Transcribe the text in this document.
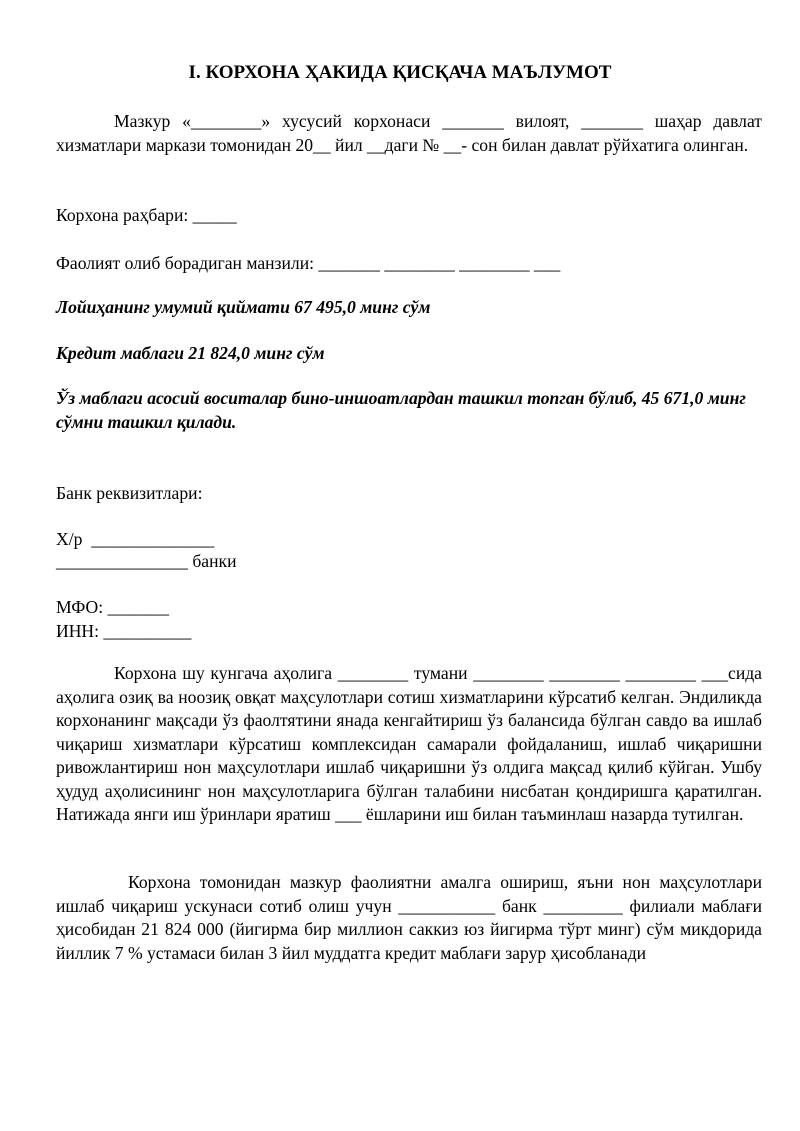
I. КОРХОНА ҲАКИДА ҚИСҚАЧА МАЪЛУМОТ

Мазкур «________» хусусий корхонаси _______ вилоят, _______ шаҳар давлат хизматлари маркази томонидан 20__ йил __даги № __- сон билан давлат рўйхатига олинган.

Корхона раҳбари: _____

Фаолият олиб борадиган манзили: _______ ________ ________ ___

Лойиҳанинг умумий қиймати 67 495,0 минг сўм

Кредит маблаги 21 824,0 минг сўм

Ўз маблаги асосий воситалар бино-иншоатлардан ташкил топган бўлиб, 45 671,0 минг сўмни ташкил қилади.

Банк реквизитлари:

Х/р  ______________

_______________ банки

МФО: _______

ИНН: __________

Корхона шу кунгача аҳолига ________ тумани ________ ________ ________ ___сида аҳолига озиқ ва ноозиқ овқат маҳсулотлари сотиш хизматларини кўрсатиб келган. Эндиликда корхонанинг мақсади ўз фаолтятини янада кенгайтириш ўз балансида бўлган савдо ва ишлаб чиқариш хизматлари кўрсатиш комплексидан самарали фойдаланиш, ишлаб чиқаришни ривожлантириш нон маҳсулотлари ишлаб чиқаришни ўз олдига мақсад қилиб кўйган. Ушбу ҳудуд аҳолисининг нон маҳсулотларига бўлган талабини нисбатан қондиришга қаратилган. Натижада янги иш ўринлари яратиш ___ ёшларини иш билан таъминлаш назарда тутилган.

Корхона томонидан мазкур фаолиятни амалга ошириш, яъни нон маҳсулотлари ишлаб чиқариш ускунаси сотиб олиш учун ___________ банк _________ филиали маблағи ҳисобидан 21 824 000 (йигирма бир миллион саккиз юз йигирма тўрт минг) сўм микдорида йиллик 7 % устамаси билан 3 йил муддатга кредит маблағи зарур ҳисобланади
